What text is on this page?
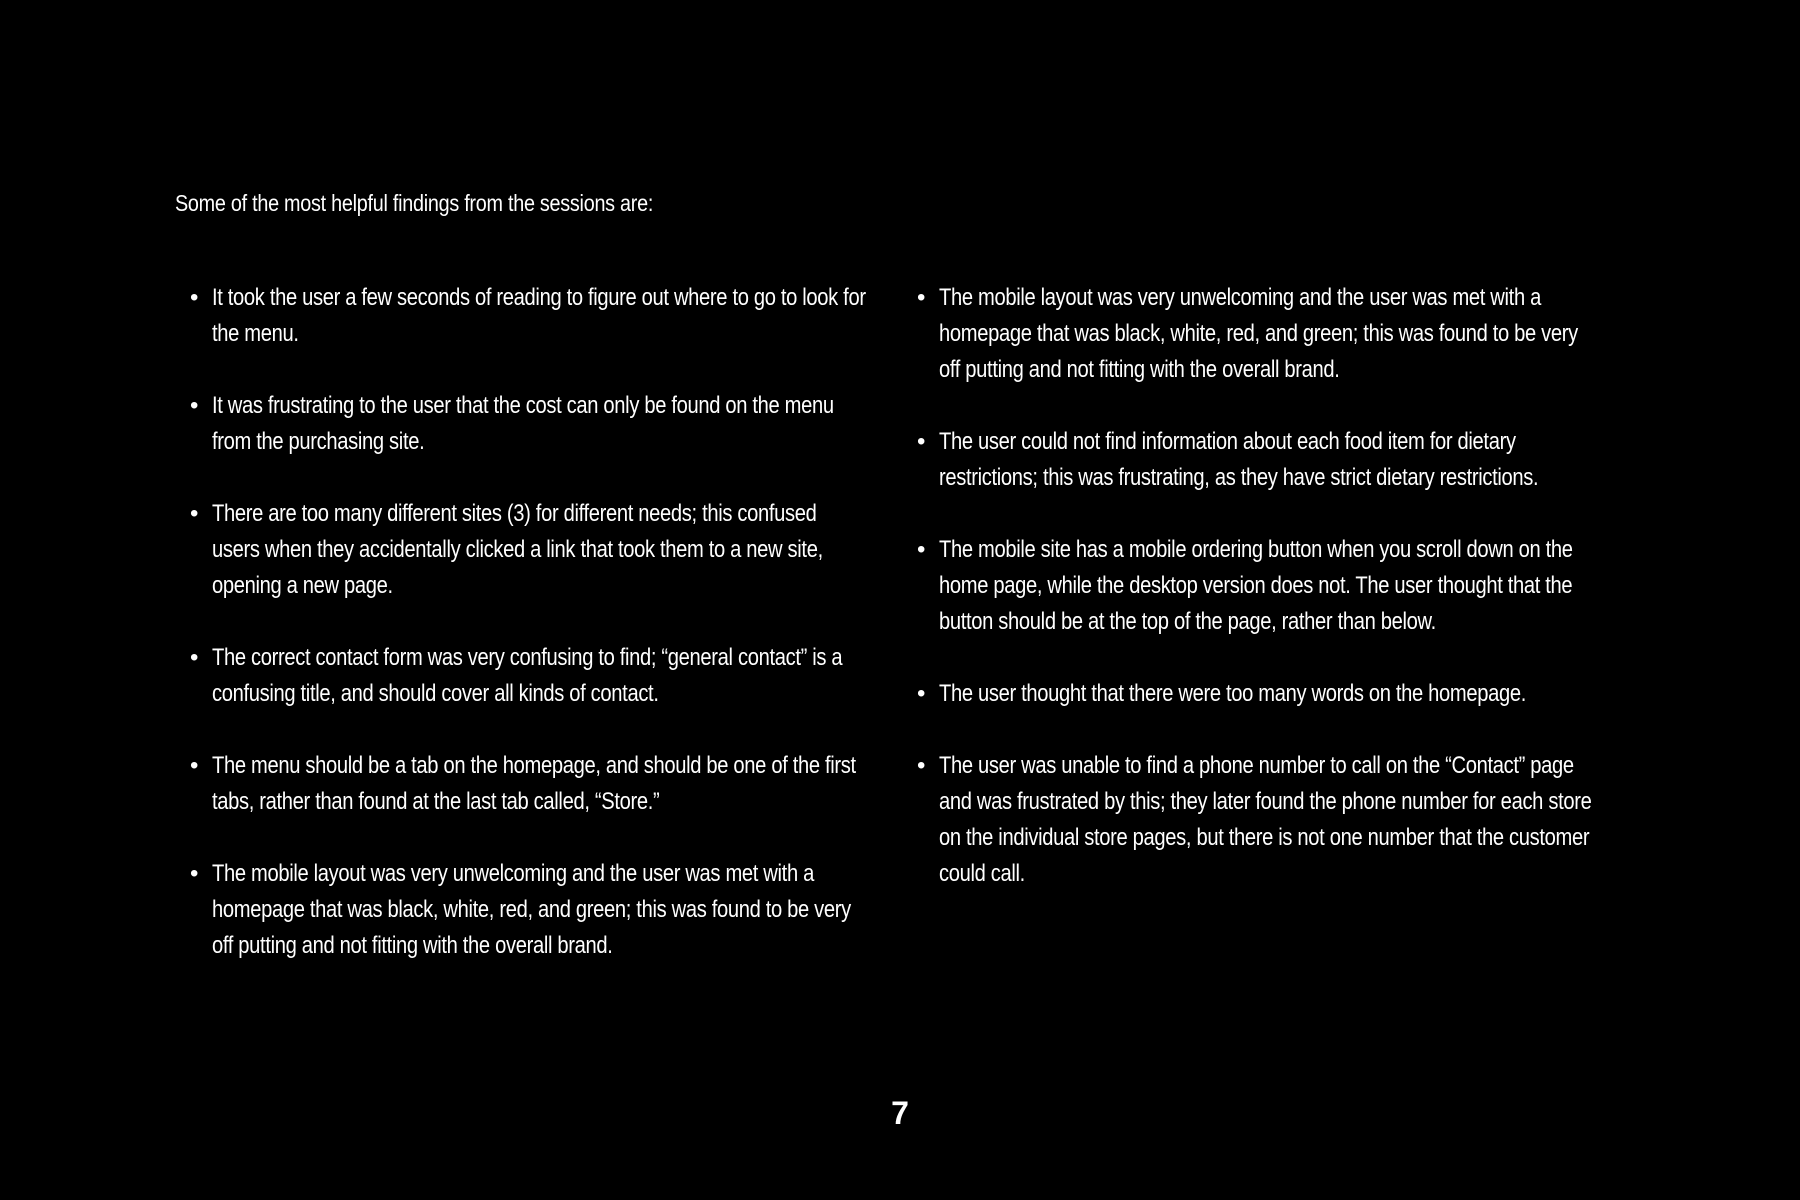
Some of the most helpful findings from the sessions are:
• It took the user a few seconds of reading to figure out where to go to look for the menu.
• It was frustrating to the user that the cost can only be found on the menu from the purchasing site.
• There are too many different sites (3) for different needs; this confused users when they accidentally clicked a link that took them to a new site, opening a new page.
• The correct contact form was very confusing to find; “general contact” is a confusing title, and should cover all kinds of contact.
• The menu should be a tab on the homepage, and should be one of the first tabs, rather than found at the last tab called, “Store.”
• The mobile layout was very unwelcoming and the user was met with a homepage that was black, white, red, and green; this was found to be very off putting and not fitting with the overall brand.
• The mobile layout was very unwelcoming and the user was met with a homepage that was black, white, red, and green; this was found to be very off putting and not fitting with the overall brand.
• The user could not find information about each food item for dietary restrictions; this was frustrating, as they have strict dietary restrictions.
• The mobile site has a mobile ordering button when you scroll down on the home page, while the desktop version does not. The user thought that the button should be at the top of the page, rather than below.
• The user thought that there were too many words on the homepage.
• The user was unable to find a phone number to call on the “Contact” page and was frustrated by this; they later found the phone number for each store on the individual store pages, but there is not one number that the customer could call.
7
